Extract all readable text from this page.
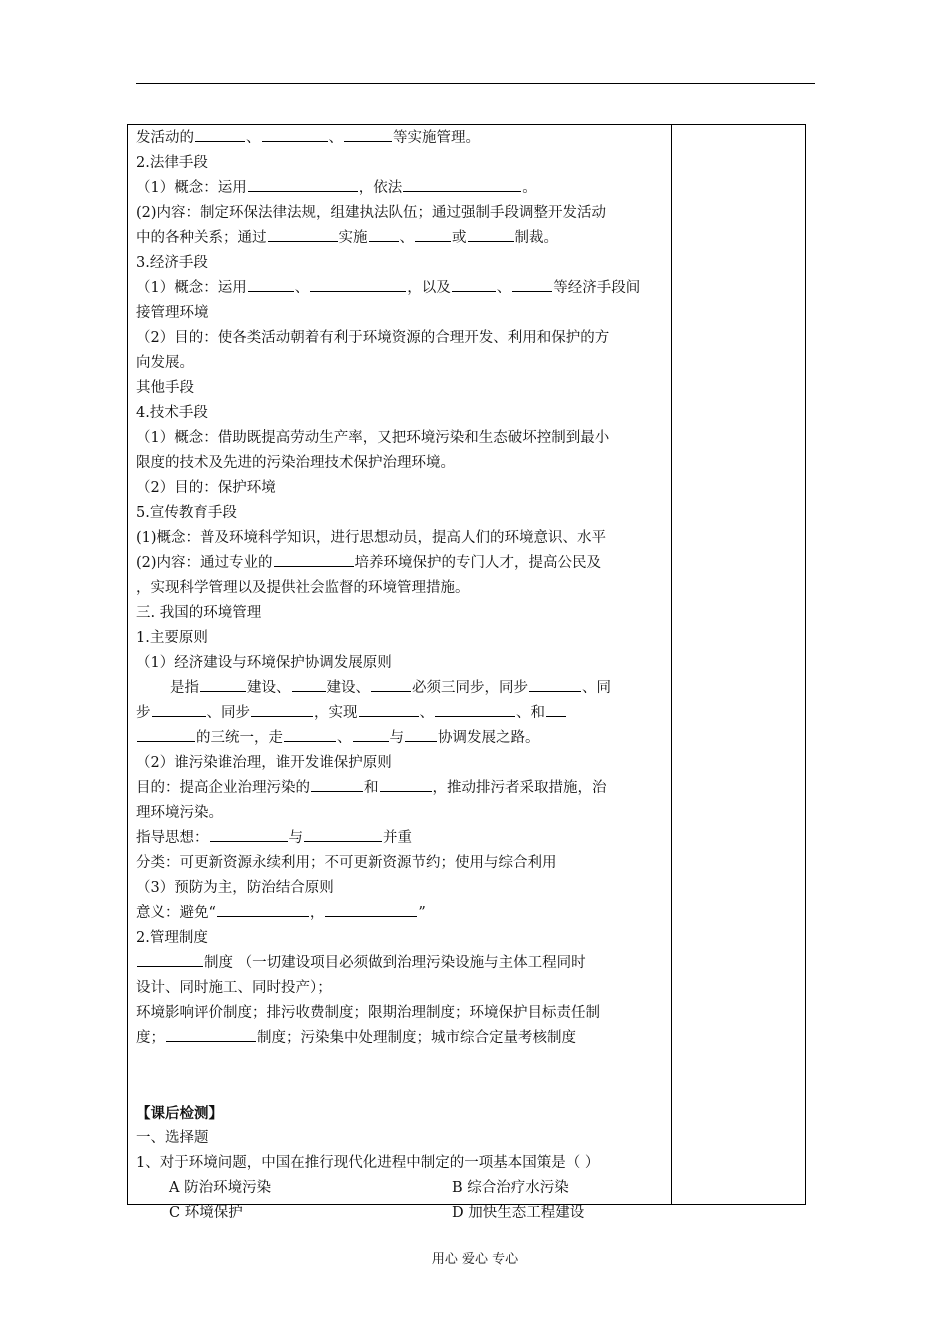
发活动的	、	、	等实施管理。
2.法律手段
（1）概念：运用	，依法	。
(2)内容：制定环保法律法规，组建执法队伍；通过强制手段调整开发活动
中的各种关系；通过	实施 、	或	制裁。
3.经济手段
（1）概念：运用	、	，以及	、	等经济手段间
接管理环境
（2）目的：使各类活动朝着有利于环境资源的合理开发、利用和保护的方
向发展。
其他手段
4.技术手段
（1）概念：借助既提高劳动生产率，又把环境污染和生态破坏控制到最小
限度的技术及先进的污染治理技术保护治理环境。
（2）目的：保护环境
5.宣传教育手段
(1)概念：普及环境科学知识，进行思想动员，提高人们的环境意识、水平
(2)内容：通过专业的	培养环境保护的专门人才，提高公民及
，实现科学管理以及提供社会监督的环境管理措施。
三. 我国的环境管理
1.主要原则
（1）经济建设与环境保护协调发展原则
是指	建设、 建设、	必须三同步，同步	、同
步	、同步	，实现	、	、和
的三统一，走	、	与 协调发展之路。
（2）谁污染谁治理，谁开发谁保护原则
目的：提高企业治理污染的	和	，推动排污者采取措施，治
理环境污染。
指导思想：	与	并重
分类：可更新资源永续利用；不可更新资源节约；使用与综合利用
（3）预防为主，防治结合原则
意义：避免“	，	”
2.管理制度
制度 （一切建设项目必须做到治理污染设施与主体工程同时
设计、同时施工、同时投产）；
环境影响评价制度；排污收费制度；限期治理制度；环境保护目标责任制
度；	制度；污染集中处理制度；城市综合定量考核制度
【课后检测】
一、选择题
1、对于环境问题，中国在推行现代化进程中制定的一项基本国策是（ ）
A 防治环境污染	B 综合治疗水污染
C 环境保护	D 加快生态工程建设
用心 爱心 专心
